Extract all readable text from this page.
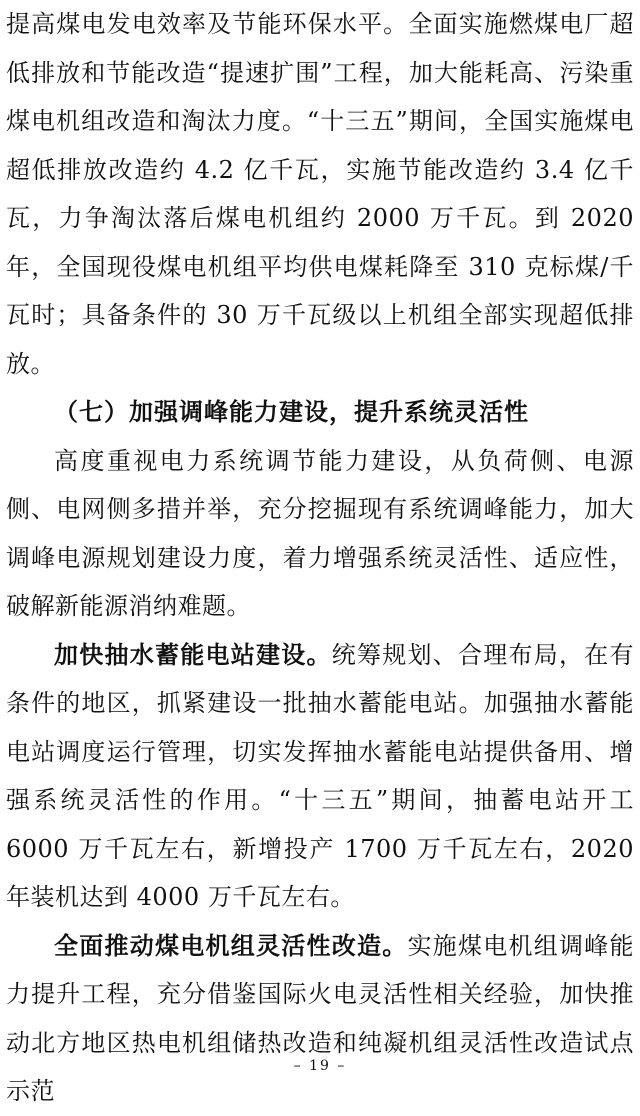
提高煤电发电效率及节能环保水平。全面实施燃煤电厂超低排放和节能改造“提速扩围”工程，加大能耗高、污染重煤电机组改造和淘汰力度。“十三五”期间，全国实施煤电超低排放改造约 4.2 亿千瓦，实施节能改造约 3.4 亿千瓦，力争淘汰落后煤电机组约 2000 万千瓦。到 2020 年，全国现役煤电机组平均供电煤耗降至 310 克标煤/千瓦时；具备条件的 30 万千瓦级以上机组全部实现超低排放。

（七）加强调峰能力建设，提升系统灵活性

高度重视电力系统调节能力建设，从负荷侧、电源侧、电网侧多措并举，充分挖掘现有系统调峰能力，加大调峰电源规划建设力度，着力增强系统灵活性、适应性，破解新能源消纳难题。

加快抽水蓄能电站建设。统筹规划、合理布局，在有条件的地区，抓紧建设一批抽水蓄能电站。加强抽水蓄能电站调度运行管理，切实发挥抽水蓄能电站提供备用、增强系统灵活性的作用。“十三五”期间，抽蓄电站开工 6000 万千瓦左右，新增投产 1700 万千瓦左右，2020 年装机达到 4000 万千瓦左右。

全面推动煤电机组灵活性改造。实施煤电机组调峰能力提升工程，充分借鉴国际火电灵活性相关经验，加快推动北方地区热电机组储热改造和纯凝机组灵活性改造试点示范

– 19 –
